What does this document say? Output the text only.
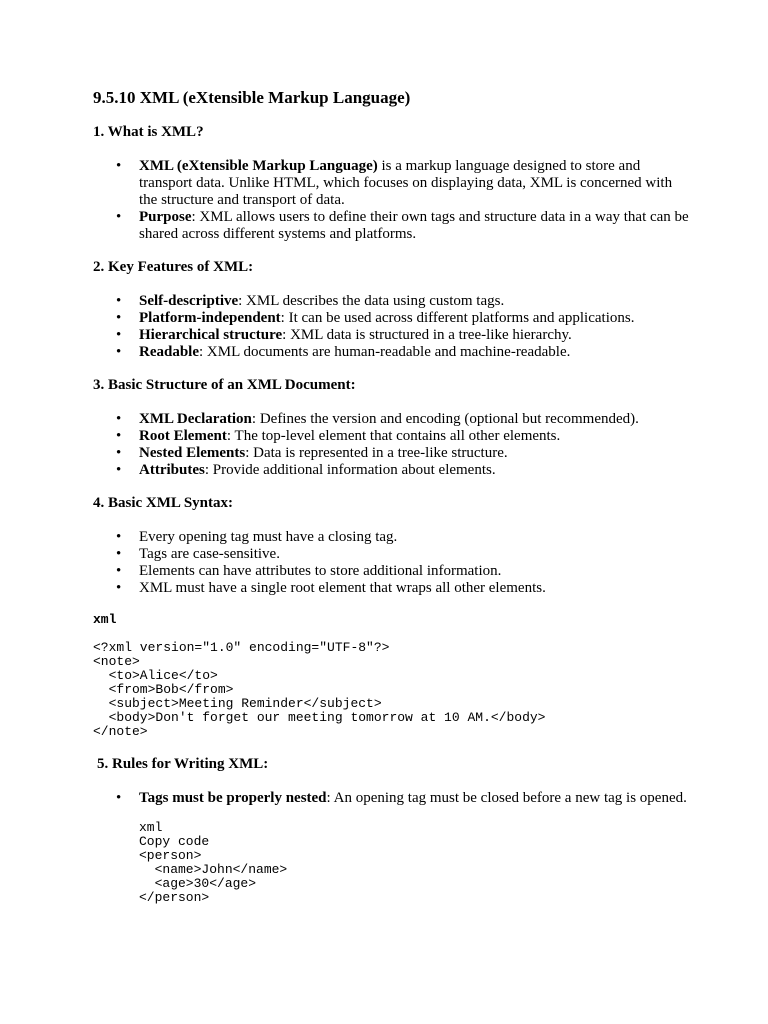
9.5.10 XML (eXtensible Markup Language)
1. What is XML?
• XML (eXtensible Markup Language) is a markup language designed to store and transport data. Unlike HTML, which focuses on displaying data, XML is concerned with the structure and transport of data.
• Purpose: XML allows users to define their own tags and structure data in a way that can be shared across different systems and platforms.
2. Key Features of XML:
• Self-descriptive: XML describes the data using custom tags.
• Platform-independent: It can be used across different platforms and applications.
• Hierarchical structure: XML data is structured in a tree-like hierarchy.
• Readable: XML documents are human-readable and machine-readable.
3. Basic Structure of an XML Document:
• XML Declaration: Defines the version and encoding (optional but recommended).
• Root Element: The top-level element that contains all other elements.
• Nested Elements: Data is represented in a tree-like structure.
• Attributes: Provide additional information about elements.
4. Basic XML Syntax:
• Every opening tag must have a closing tag.
• Tags are case-sensitive.
• Elements can have attributes to store additional information.
• XML must have a single root element that wraps all other elements.
xml
<?xml version="1.0" encoding="UTF-8"?>
<note>
<to>Alice</to>
<from>Bob</from>
<subject>Meeting Reminder</subject>
<body>Don't forget our meeting tomorrow at 10 AM.</body>
</note>
5. Rules for Writing XML:
• Tags must be properly nested: An opening tag must be closed before a new tag is opened.
xml
Copy code
<person>
<name>John</name>
<age>30</age>
</person>
